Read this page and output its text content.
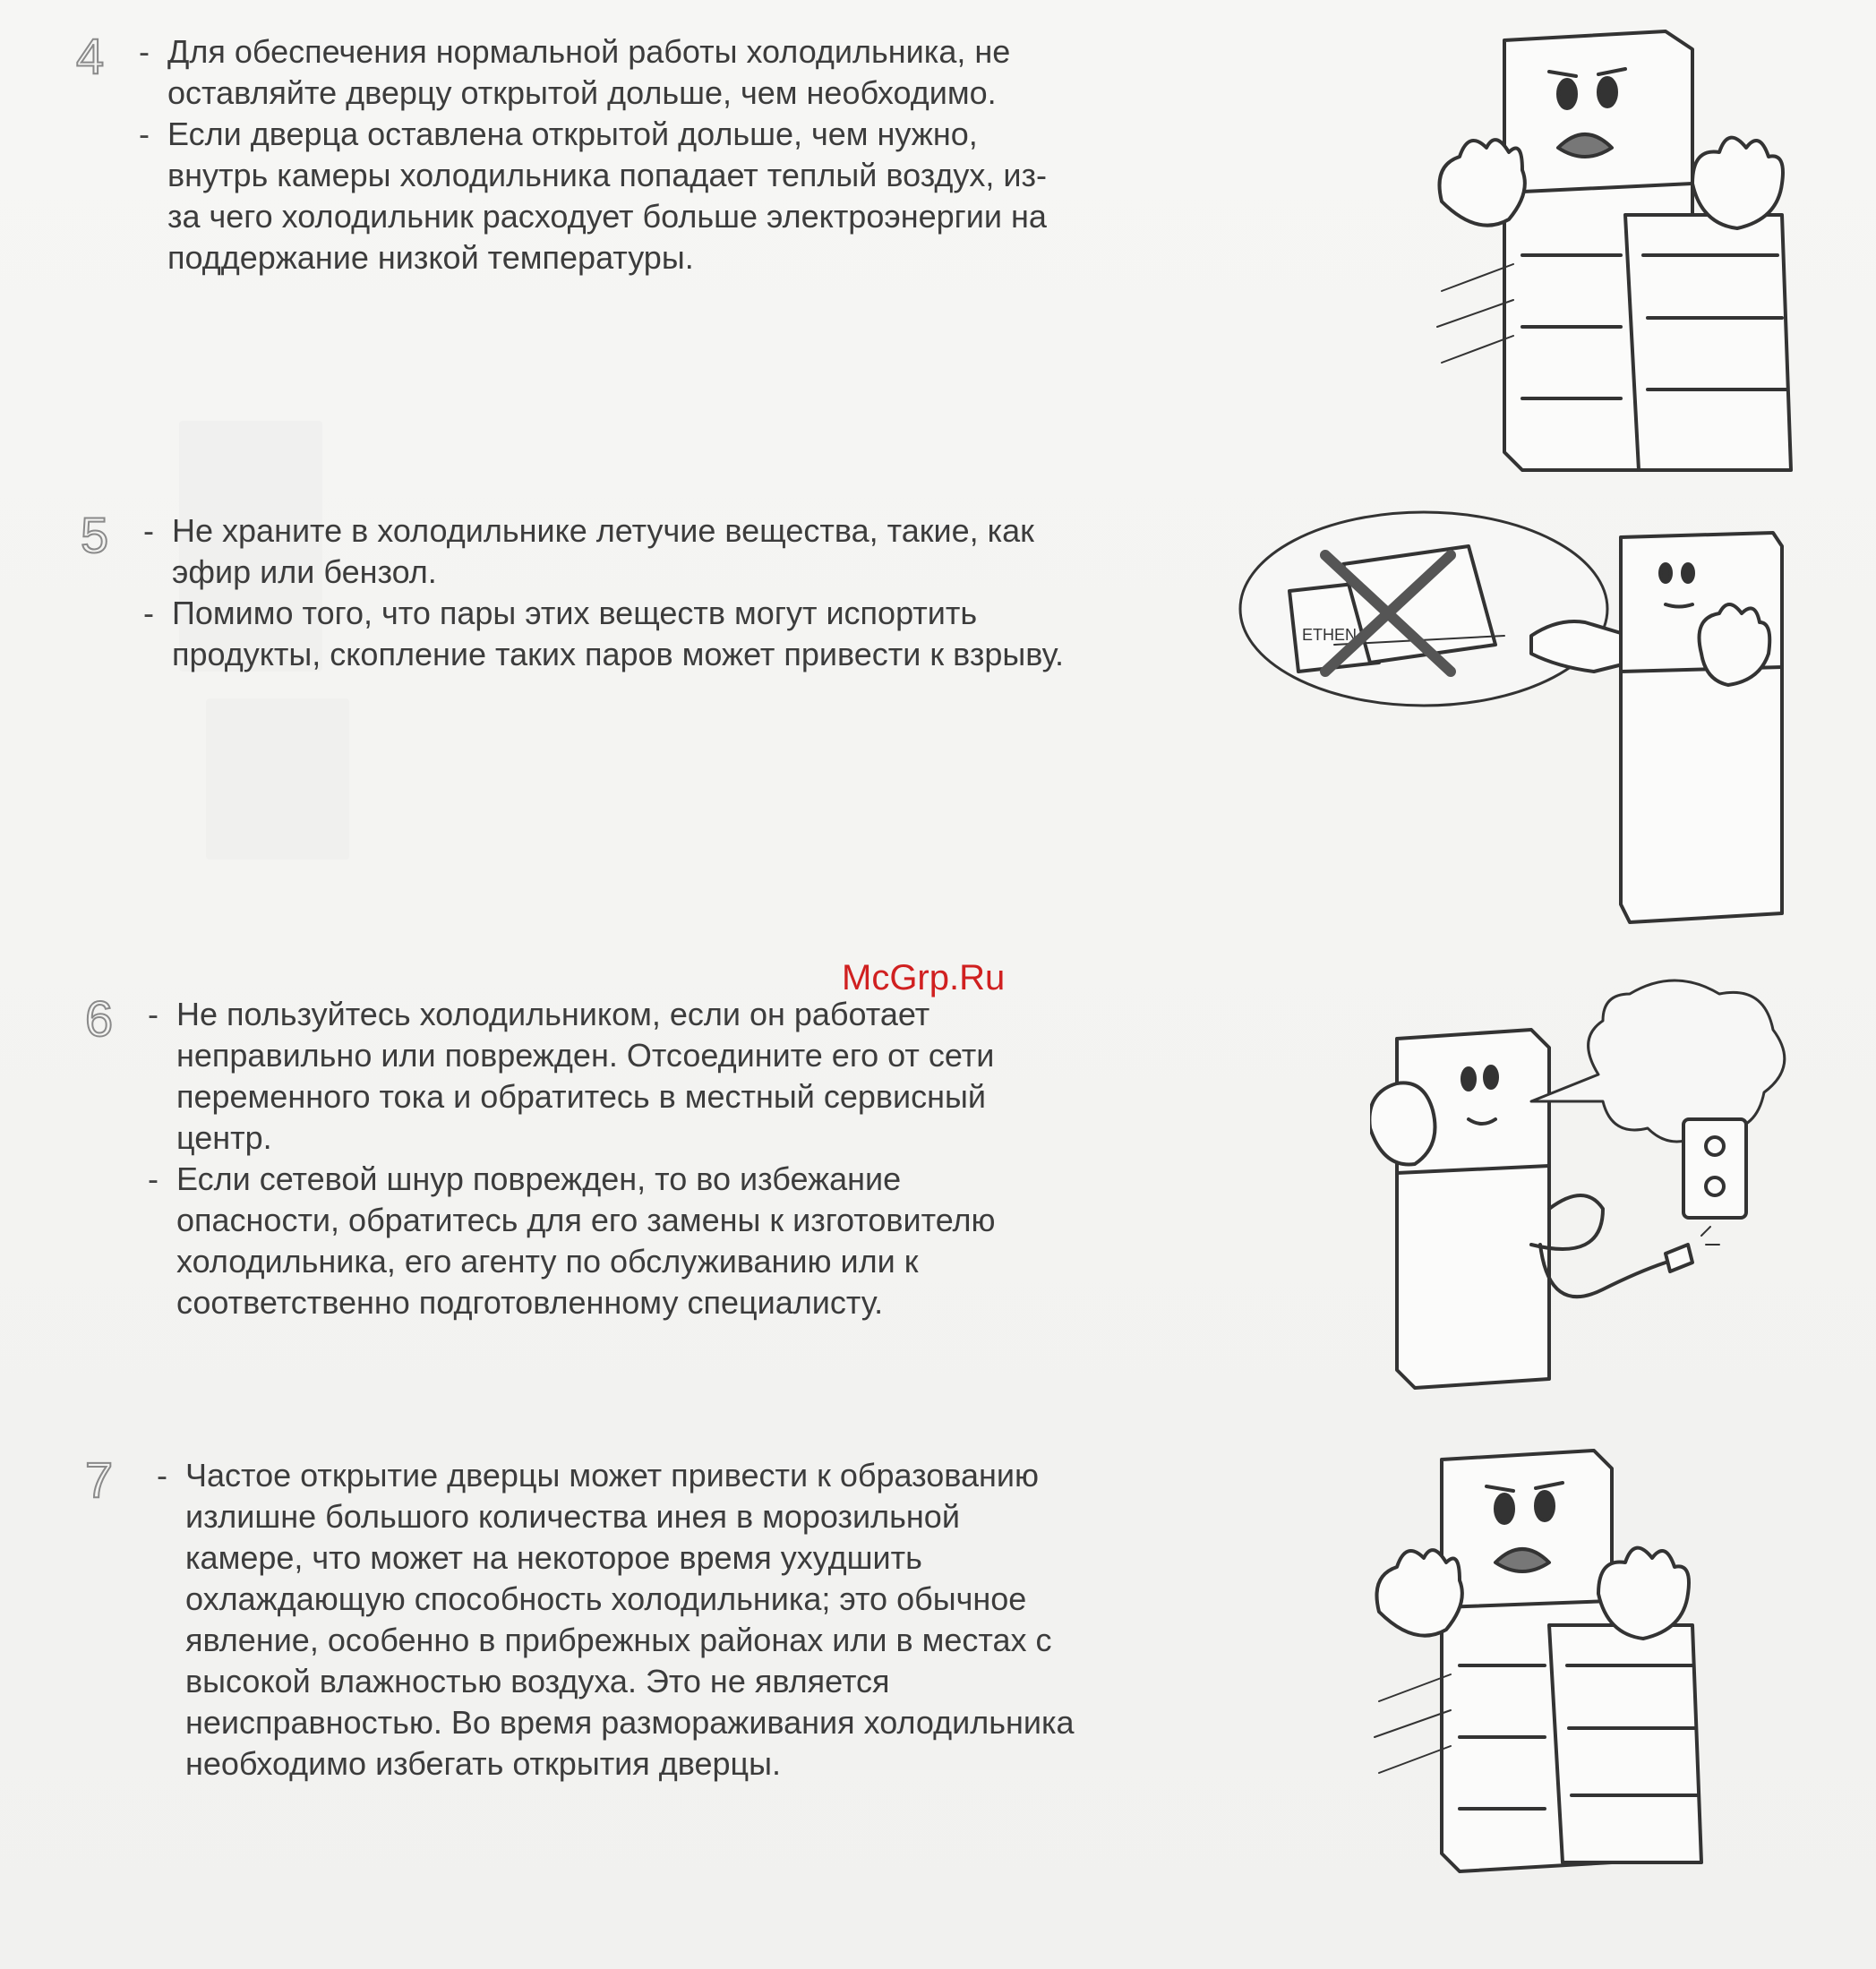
4 - Для обеспечения нормальной работы холодильника, не
оставляйте дверцу открытой дольше, чем необходимо.
- Если дверца оставлена открытой дольше, чем нужно,
внутрь камеры холодильника попадает теплый воздух, из-
за чего холодильник расходует больше электроэнергии на
поддержание низкой температуры.
5 - Не храните в холодильнике летучие вещества, такие, как
эфир или бензол.
- Помимо того, что пары этих веществ могут испортить
продукты, скопление таких паров может привести к взрыву.
ETHEN
6 - Не пользуйтесь холодильником, если он работает
неправильно или поврежден. Отсоедините его от сети
переменного тока и обратитесь в местный сервисный
центр.
- Если сетевой шнур поврежден, то во избежание
опасности, обратитесь для его замены к изготовителю
холодильника, его агенту по обслуживанию или к
соответственно подготовленному специалисту.
7 - Частое открытие дверцы может привести к образованию
излишне большого количества инея в морозильной
камере, что может на некоторое время ухудшить
охлаждающую способность холодильника; это обычное
явление, особенно в прибрежных районах или в местах с
высокой влажностью воздуха. Это не является
неисправностью. Во время размораживания холодильника
необходимо избегать открытия дверцы.
McGrp.Ru
